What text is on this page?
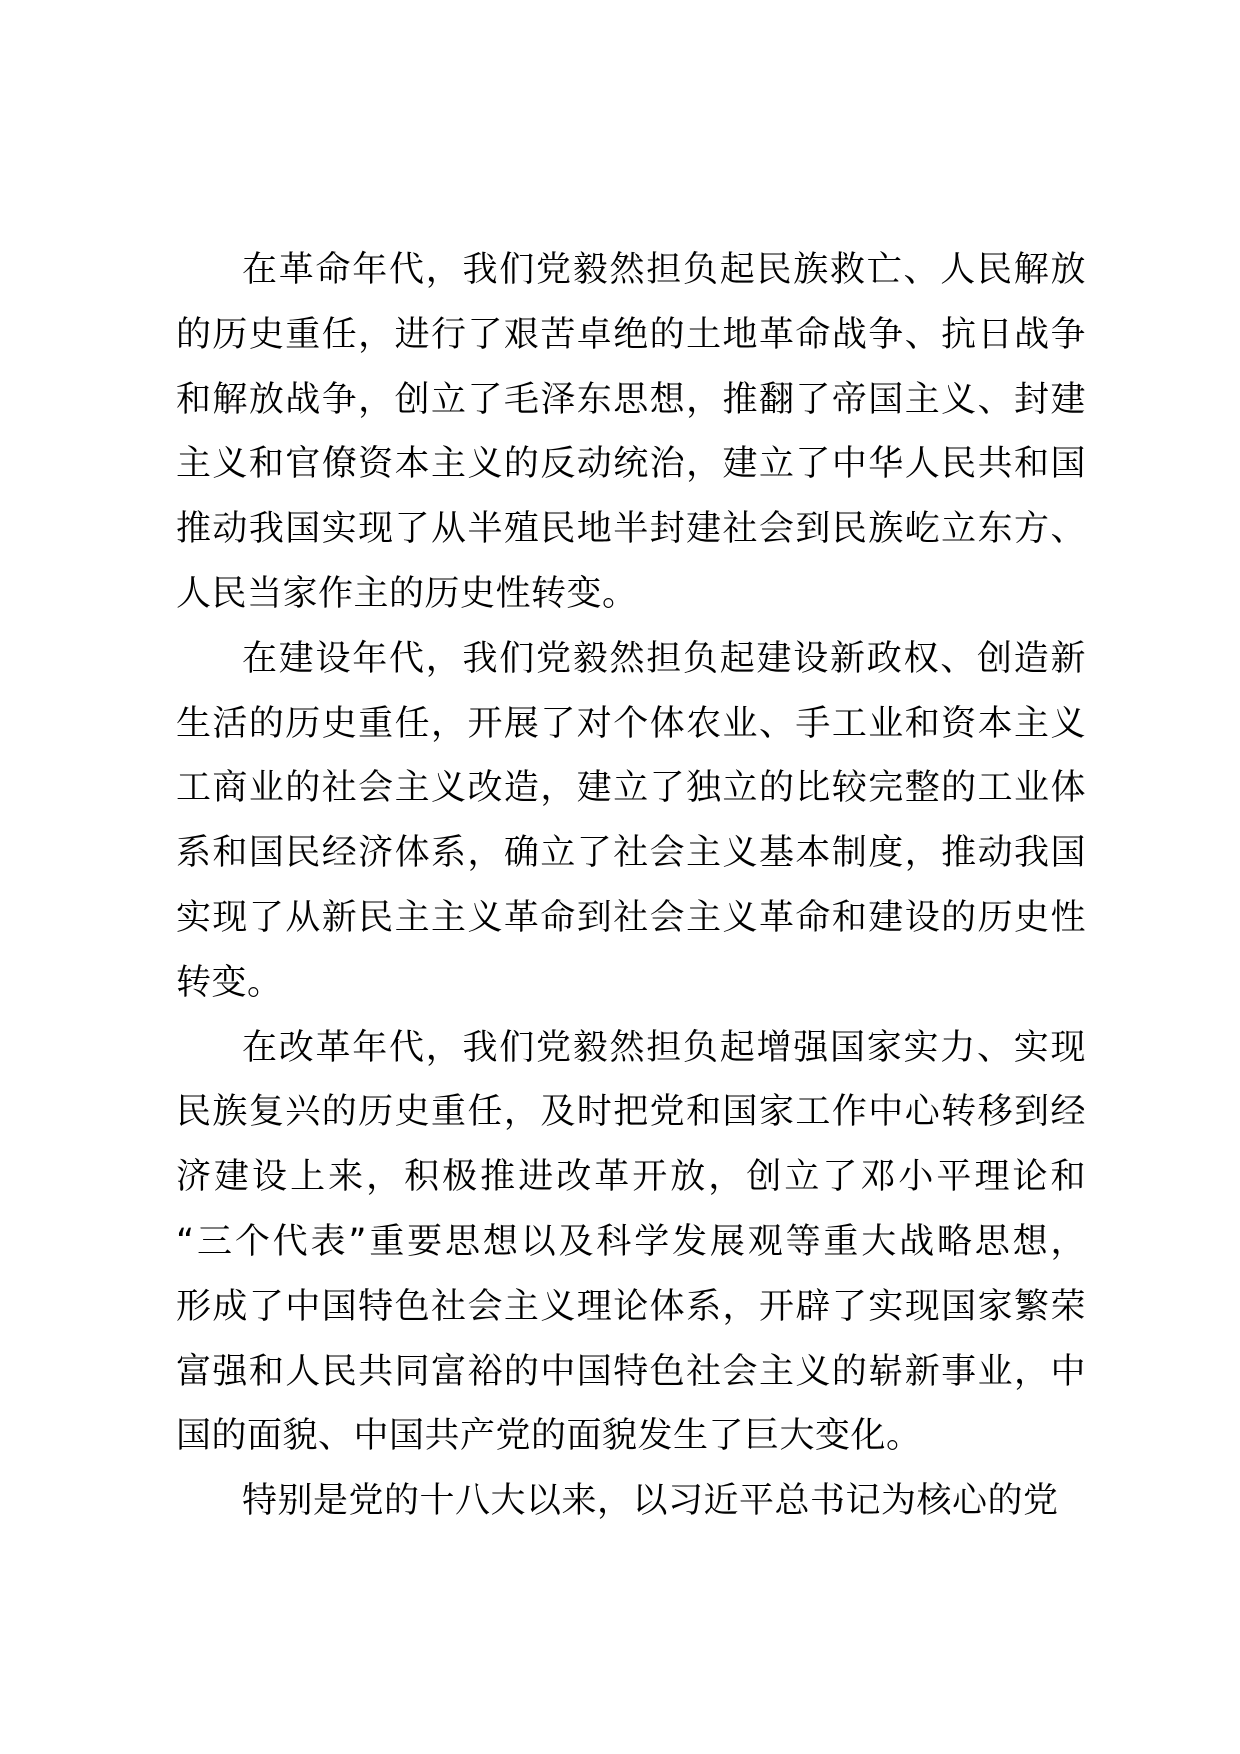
在革命年代，我们党毅然担负起民族救亡、人民解放
的历史重任，进行了艰苦卓绝的土地革命战争、抗日战争
和解放战争，创立了毛泽东思想，推翻了帝国主义、封建
主义和官僚资本主义的反动统治，建立了中华人民共和国
推动我国实现了从半殖民地半封建社会到民族屹立东方、
人民当家作主的历史性转变。
在建设年代，我们党毅然担负起建设新政权、创造新
生活的历史重任，开展了对个体农业、手工业和资本主义
工商业的社会主义改造，建立了独立的比较完整的工业体
系和国民经济体系，确立了社会主义基本制度，推动我国
实现了从新民主主义革命到社会主义革命和建设的历史性
转变。
在改革年代，我们党毅然担负起增强国家实力、实现
民族复兴的历史重任，及时把党和国家工作中心转移到经
济建设上来，积极推进改革开放，创立了邓小平理论和
“三个代表”重要思想以及科学发展观等重大战略思想，
形成了中国特色社会主义理论体系，开辟了实现国家繁荣
富强和人民共同富裕的中国特色社会主义的崭新事业，中
国的面貌、中国共产党的面貌发生了巨大变化。
特别是党的十八大以来，以习近平总书记为核心的党
